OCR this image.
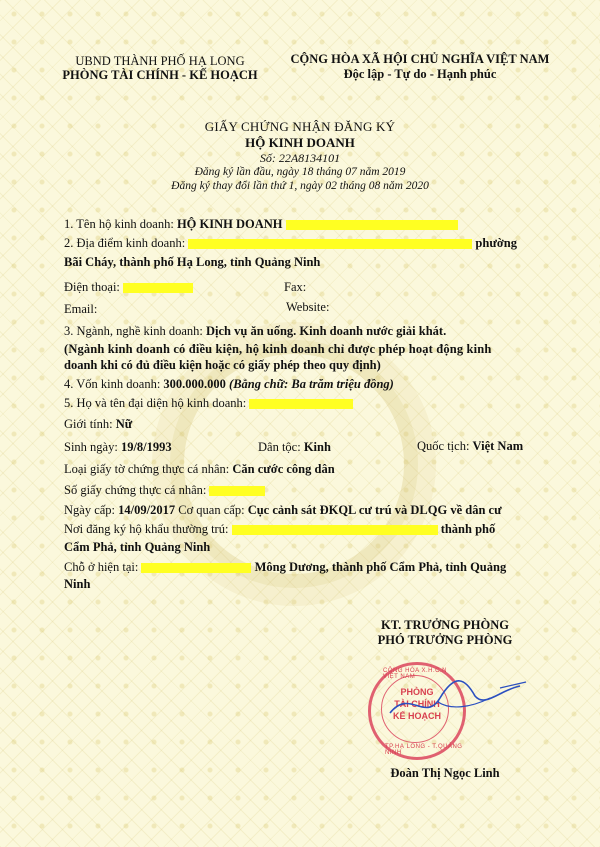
UBND THÀNH PHỐ HẠ LONG
PHÒNG TÀI CHÍNH - KẾ HOẠCH
CỘNG HÒA XÃ HỘI CHỦ NGHĨA VIỆT NAM
Độc lập - Tự do - Hạnh phúc
GIẤY CHỨNG NHẬN ĐĂNG KÝ
HỘ KINH DOANH
Số: 22A8134101
Đăng ký lần đầu, ngày 18 tháng 07 năm 2019
Đăng ký thay đổi lần thứ 1, ngày 02 tháng 08 năm 2020
1. Tên hộ kinh doanh: HỘ KINH DOANH
2. Địa điểm kinh doanh:	phường
Bãi Cháy, thành phố Hạ Long, tỉnh Quảng Ninh
Điện thoại:	Fax:
Email:	Website:
3. Ngành, nghề kinh doanh: Dịch vụ ăn uống. Kinh doanh nước giải khát.
(Ngành kinh doanh có điều kiện, hộ kinh doanh chỉ được phép hoạt động kinh
doanh khi có đủ điều kiện hoặc có giấy phép theo quy định)
4. Vốn kinh doanh: 300.000.000 (Bằng chữ: Ba trăm triệu đồng)
5. Họ và tên đại diện hộ kinh doanh:
Giới tính: Nữ
Sinh ngày: 19/8/1993	Dân tộc: Kinh	Quốc tịch: Việt Nam
Loại giấy tờ chứng thực cá nhân: Căn cước công dân
Số giấy chứng thực cá nhân:
Ngày cấp: 14/09/2017 Cơ quan cấp: Cục cảnh sát ĐKQL cư trú và DLQG về dân cư
Nơi đăng ký hộ khẩu thường trú:	thành phố
Cẩm Phả, tỉnh Quảng Ninh
Chỗ ở hiện tại:	Mông Dương, thành phố Cẩm Phả, tỉnh Quảng
Ninh
KT. TRƯỞNG PHÒNG
PHÓ TRƯỞNG PHÒNG
CỘNG HÒA X.H.C.N VIỆT NAM
TP.HẠ LONG - T.QUẢNG NINH
PHÒNG
TÀI CHÍNH
KẾ HOẠCH
Đoàn Thị Ngọc Linh
